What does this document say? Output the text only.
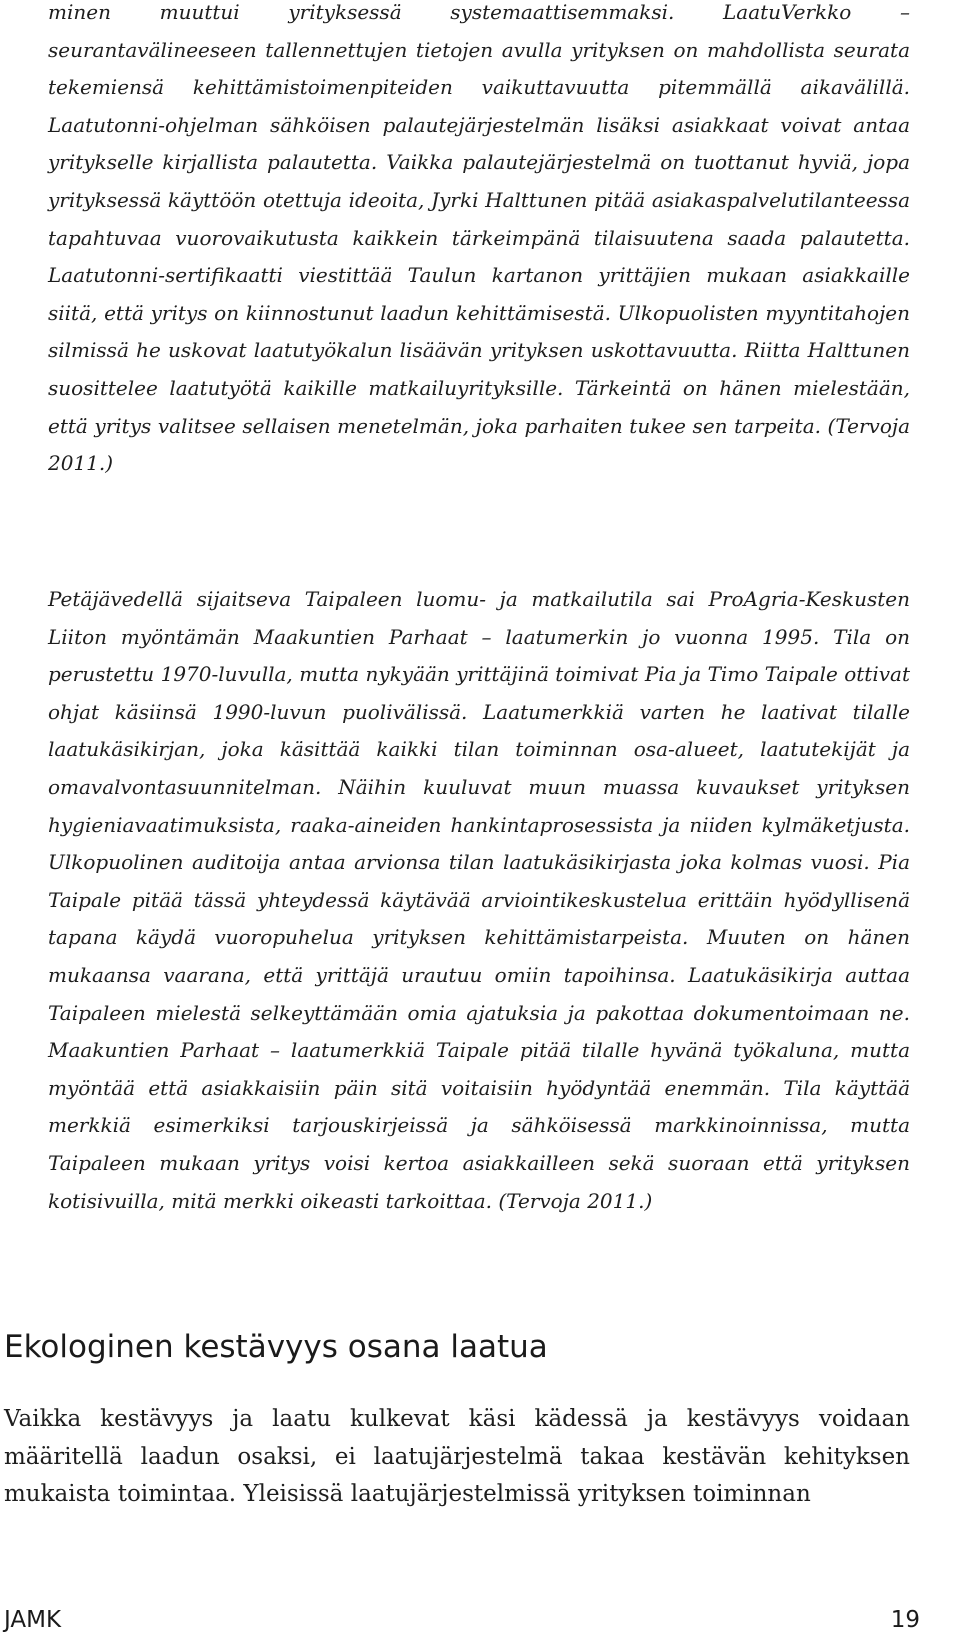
minen muuttui yrityksessä systemaattisemmaksi. LaatuVerkko – seurantavälineeseen tallennettujen tietojen avulla yrityksen on mahdollista seurata tekemiensä kehittämistoimenpiteiden vaikuttavuutta pitemmällä aikavälillä. Laatutonni-ohjelman sähköisen palautejärjestelmän lisäksi asiakkaat voivat antaa yritykselle kirjallista palautetta. Vaikka palautejärjestelmä on tuottanut hyviä, jopa yrityksessä käyttöön otettuja ideoita, Jyrki Halttunen pitää asiakaspalvelutilanteessa tapahtuvaa vuorovaikutusta kaikkein tärkeimpänä tilaisuutena saada palautetta. Laatutonni-sertifikaatti viestittää Taulun kartanon yrittäjien mukaan asiakkaille siitä, että yritys on kiinnostunut laadun kehittämisestä. Ulkopuolisten myyntitahojen silmissä he uskovat laatutyökalun lisäävän yrityksen uskottavuutta. Riitta Halttunen suosittelee laatutyötä kaikille matkailuyrityksille. Tärkeintä on hänen mielestään, että yritys valitsee sellaisen menetelmän, joka parhaiten tukee sen tarpeita. (Tervoja 2011.)

Petäjävedellä sijaitseva Taipaleen luomu- ja matkailutila sai ProAgria-Keskusten Liiton myöntämän Maakuntien Parhaat – laatumerkin jo vuonna 1995. Tila on perustettu 1970-luvulla, mutta nykyään yrittäjinä toimivat Pia ja Timo Taipale ottivat ohjat käsiinsä 1990-luvun puolivälissä. Laatumerkkiä varten he laativat tilalle laatukäsikirjan, joka käsittää kaikki tilan toiminnan osa-alueet, laatutekijät ja omavalvontasuunnitelman. Näihin kuuluvat muun muassa kuvaukset yrityksen hygieniavaatimuksista, raaka-aineiden hankintaprosessista ja niiden kylmäketjusta. Ulkopuolinen auditoija antaa arvionsa tilan laatukäsikirjasta joka kolmas vuosi. Pia Taipale pitää tässä yhteydessä käytävää arviointikeskustelua erittäin hyödyllisenä tapana käydä vuoropuhelua yrityksen kehittämistarpeista. Muuten on hänen mukaansa vaarana, että yrittäjä urautuu omiin tapoihinsa. Laatukäsikirja auttaa Taipaleen mielestä selkeyttämään omia ajatuksia ja pakottaa dokumentoimaan ne. Maakuntien Parhaat – laatumerkkiä Taipale pitää tilalle hyvänä työkaluna, mutta myöntää että asiakkaisiin päin sitä voitaisiin hyödyntää enemmän. Tila käyttää merkkiä esimerkiksi tarjouskirjeissä ja sähköisessä markkinoinnissa, mutta Taipaleen mukaan yritys voisi kertoa asiakkailleen sekä suoraan että yrityksen kotisivuilla, mitä merkki oikeasti tarkoittaa. (Tervoja 2011.)

Ekologinen kestävyys osana laatua

Vaikka kestävyys ja laatu kulkevat käsi kädessä ja kestävyys voidaan määritellä laadun osaksi, ei laatujärjestelmä takaa kestävän kehityksen mukaista toimintaa. Yleisissä laatujärjestelmissä yrityksen toiminnan

JAMK	19
